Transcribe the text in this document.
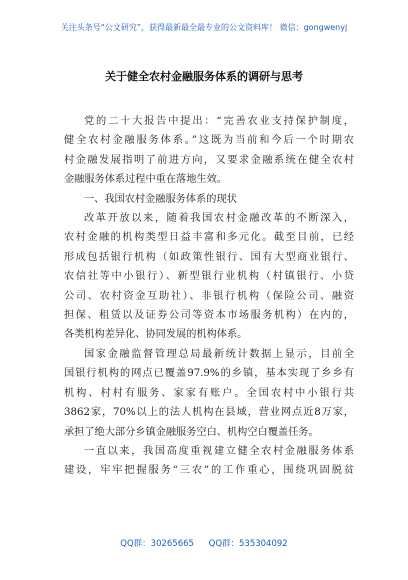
关注头条号“公文研究”，获得最新最全最专业的公文资料库！ 微信：gongwenyj
关于健全农村金融服务体系的调研与思考
党的二十大报告中提出：“完善农业支持保护制度，
健全农村金融服务体系。”这既为当前和今后一个时期农
村金融发展指明了前进方向，又要求金融系统在健全农村
金融服务体系过程中重在落地生效。
一、我国农村金融服务体系的现状
改革开放以来，随着我国农村金融改革的不断深入，
农村金融的机构类型日益丰富和多元化。截至目前，已经
形成包括银行机构（如政策性银行、国有大型商业银行、
农信社等中小银行）、新型银行业机构（村镇银行、小贷
公司、农村资金互助社）、非银行机构（保险公司、融资
担保、租赁以及证券公司等资本市场服务机构）在内的，
各类机构差异化、协同发展的机构体系。
国家金融监督管理总局最新统计数据上显示，目前全
国银行机构的网点已覆盖97.9%的乡镇，基本实现了乡乡有
机构、村村有服务、家家有账户。全国农村中小银行共
3862家，70%以上的法人机构在县域，营业网点近8万家，
承担了绝大部分乡镇金融服务空白、机构空白覆盖任务。
一直以来，我国高度重视建立健全农村金融服务体系
建设，牢牢把握服务“三农”的工作重心，围绕巩固脱贫
QQ群：30265665 QQ群：535304092
